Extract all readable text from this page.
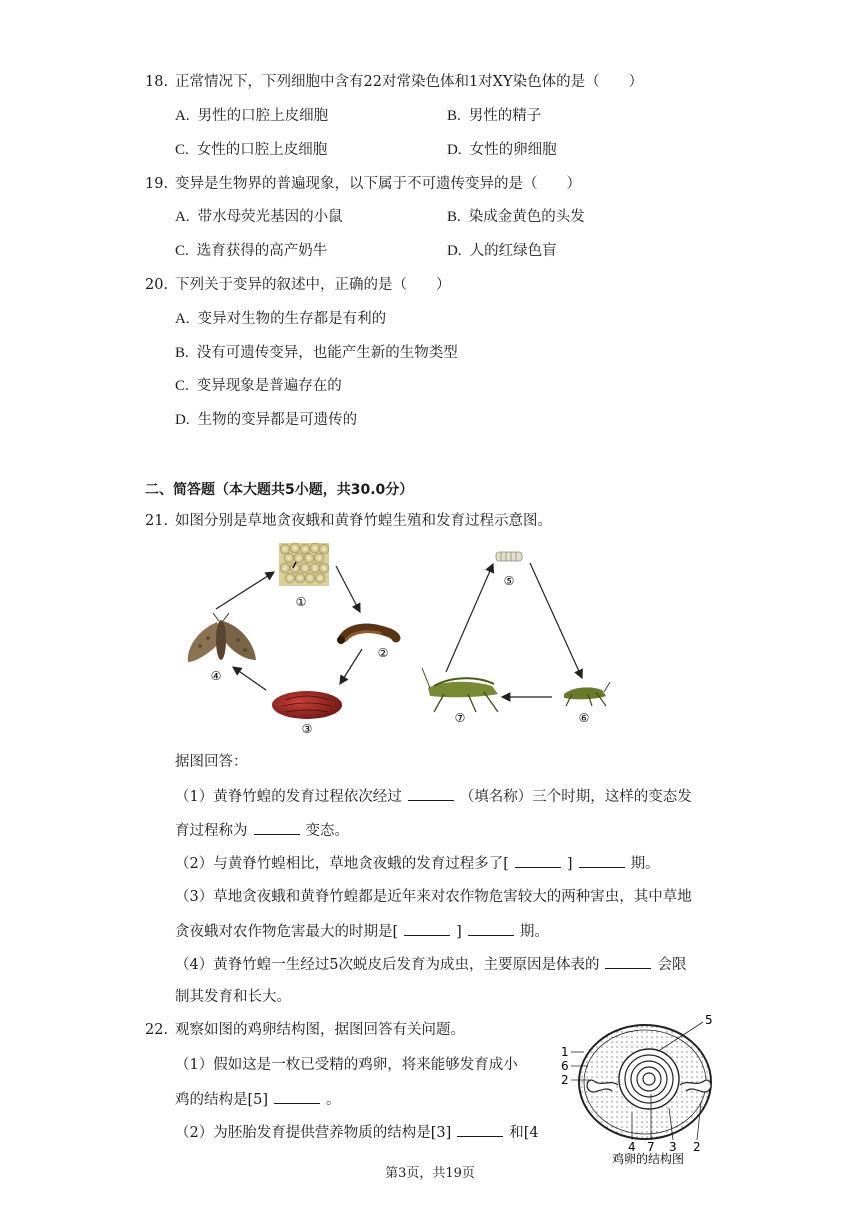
18. 正常情况下，下列细胞中含有22对常染色体和1对XY染色体的是（　　）
A. 男性的口腔上皮细胞	B. 男性的精子
C. 女性的口腔上皮细胞	D. 女性的卵细胞
19. 变异是生物界的普遍现象，以下属于不可遗传变异的是（　　）
A. 带水母荧光基因的小鼠	B. 染成金黄色的头发
C. 选育获得的高产奶牛	D. 人的红绿色盲
20. 下列关于变异的叙述中，正确的是（　　）
A. 变异对生物的生存都是有利的
B. 没有可遗传变异，也能产生新的生物类型
C. 变异现象是普遍存在的
D. 生物的变异都是可遗传的
二、简答题（本大题共5小题，共30.0分）
21. 如图分别是草地贪夜蛾和黄脊竹蝗生殖和发育过程示意图。
①
②
③
④
⑤
⑥
⑦
据图回答：
（1）黄脊竹蝗的发育过程依次经过	（填名称）三个时期，这样的变态发
育过程称为	变态。
（2）与黄脊竹蝗相比，草地贪夜蛾的发育过程多了[	]	期。
（3）草地贪夜蛾和黄脊竹蝗都是近年来对农作物危害较大的两种害虫，其中草地
贪夜蛾对农作物危害最大的时期是[	]	期。
（4）黄脊竹蝗一生经过5次蜕皮后发育为成虫，主要原因是体表的	会限
制其发育和长大。
22. 观察如图的鸡卵结构图，据图回答有关问题。
（1）假如这是一枚已受精的鸡卵，将来能够发育成小
鸡的结构是[5]	。
（2）为胚胎发育提供营养物质的结构是[3]	和[4
5
1
6
2
4 7 3 2
鸡卵的结构图
第3页，共19页
